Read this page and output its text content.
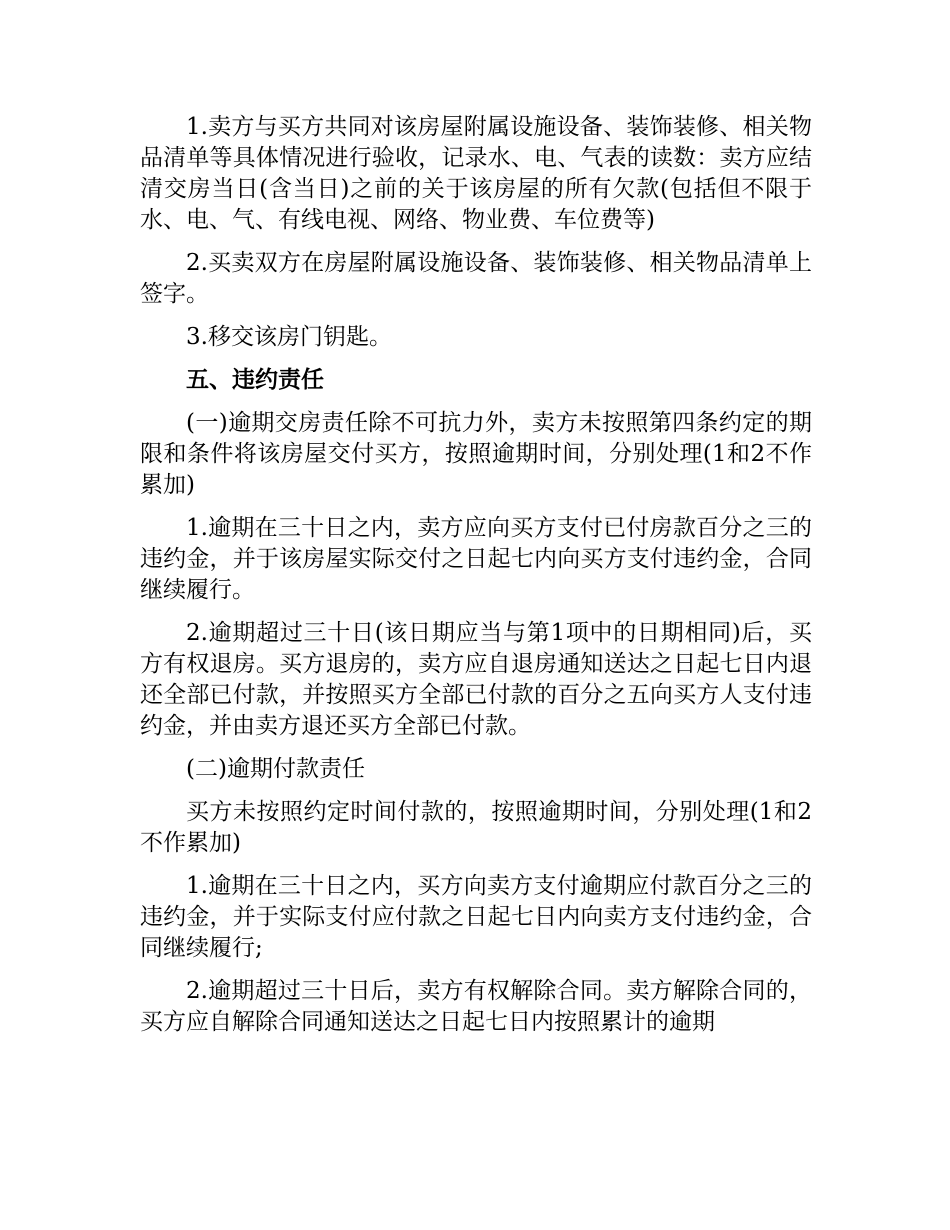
1.卖方与买方共同对该房屋附属设施设备、装饰装修、相关物品清单等具体情况进行验收，记录水、电、气表的读数：卖方应结清交房当日(含当日)之前的关于该房屋的所有欠款(包括但不限于水、电、气、有线电视、网络、物业费、车位费等)

2.买卖双方在房屋附属设施设备、装饰装修、相关物品清单上签字。

3.移交该房门钥匙。

五、违约责任

(一)逾期交房责任除不可抗力外，卖方未按照第四条约定的期限和条件将该房屋交付买方，按照逾期时间，分别处理(1和2不作累加)

1.逾期在三十日之内，卖方应向买方支付已付房款百分之三的违约金，并于该房屋实际交付之日起七内向买方支付违约金，合同继续履行。

2.逾期超过三十日(该日期应当与第1项中的日期相同)后，买方有权退房。买方退房的，卖方应自退房通知送达之日起七日内退还全部已付款，并按照买方全部已付款的百分之五向买方人支付违约金，并由卖方退还买方全部已付款。

(二)逾期付款责任

买方未按照约定时间付款的，按照逾期时间，分别处理(1和2不作累加)

1.逾期在三十日之内，买方向卖方支付逾期应付款百分之三的违约金，并于实际支付应付款之日起七日内向卖方支付违约金，合同继续履行;

2.逾期超过三十日后，卖方有权解除合同。卖方解除合同的，买方应自解除合同通知送达之日起七日内按照累计的逾期
